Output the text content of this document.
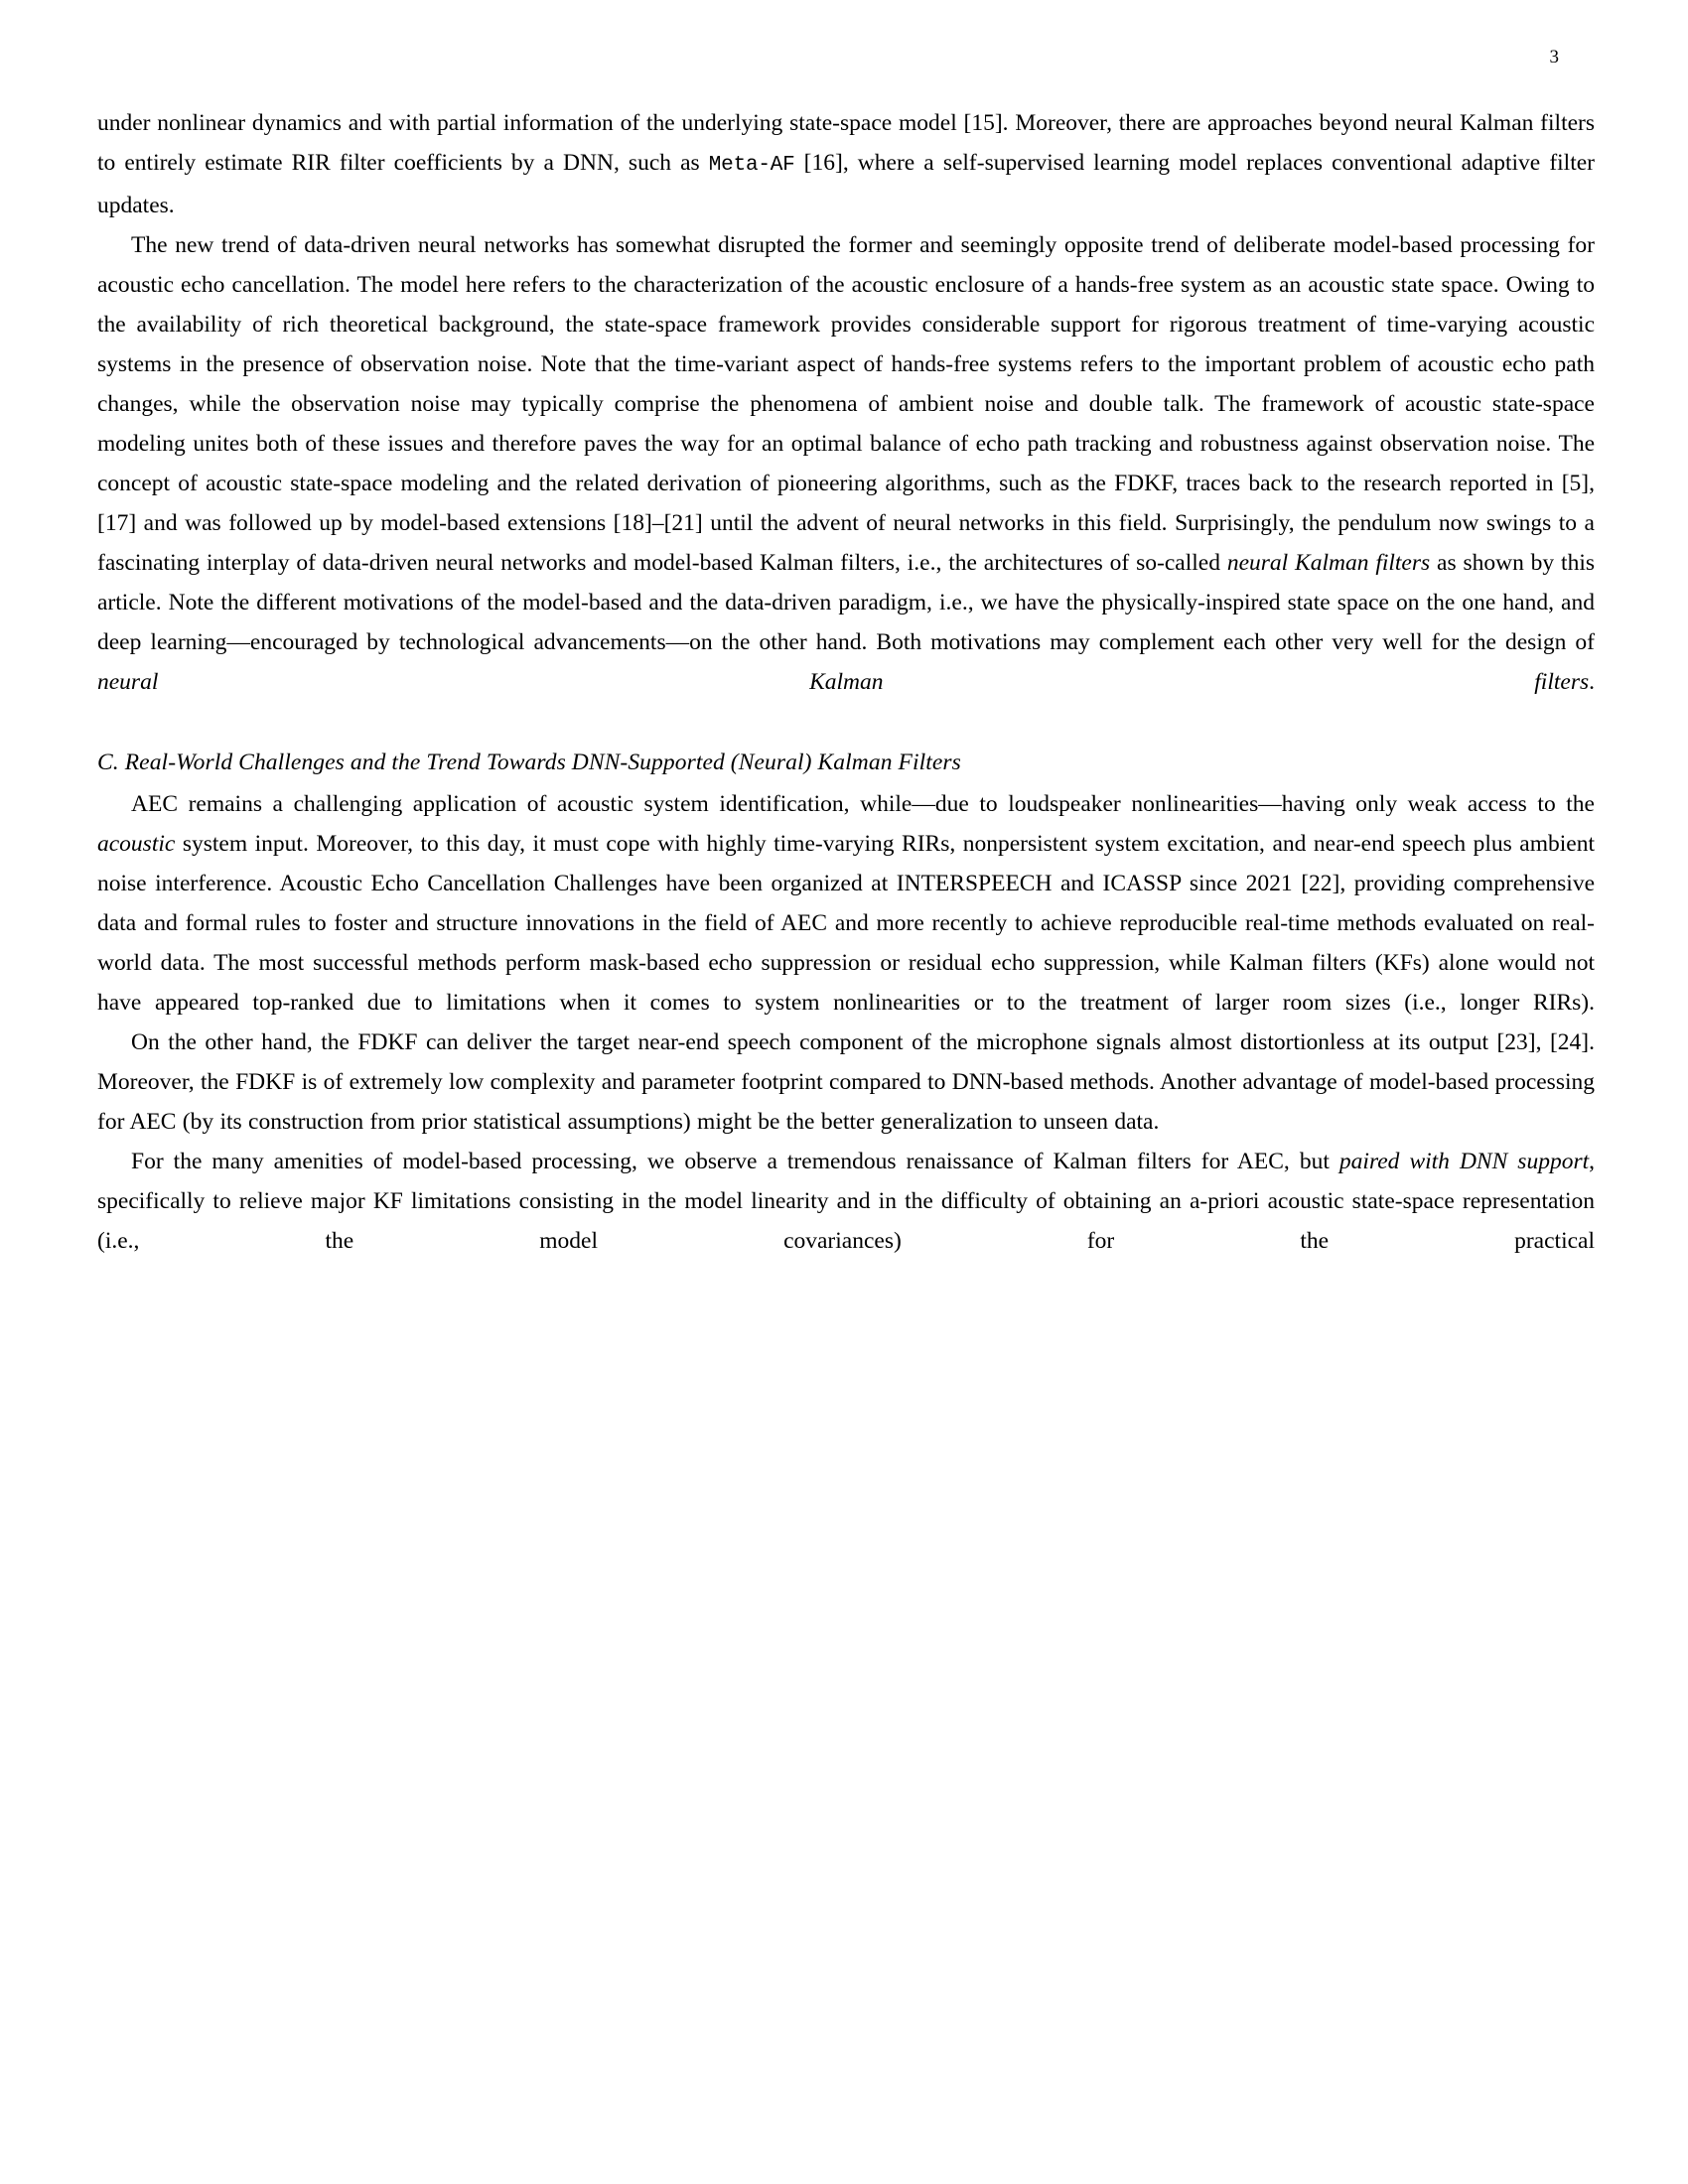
3

under nonlinear dynamics and with partial information of the underlying state-space model [15]. Moreover, there are approaches beyond neural Kalman filters to entirely estimate RIR filter coefficients by a DNN, such as Meta-AF [16], where a self-supervised learning model replaces conventional adaptive filter updates.

The new trend of data-driven neural networks has somewhat disrupted the former and seemingly opposite trend of deliberate model-based processing for acoustic echo cancellation. The model here refers to the characterization of the acoustic enclosure of a hands-free system as an acoustic state space. Owing to the availability of rich theoretical background, the state-space framework provides considerable support for rigorous treatment of time-varying acoustic systems in the presence of observation noise. Note that the time-variant aspect of hands-free systems refers to the important problem of acoustic echo path changes, while the observation noise may typically comprise the phenomena of ambient noise and double talk. The framework of acoustic state-space modeling unites both of these issues and therefore paves the way for an optimal balance of echo path tracking and robustness against observation noise. The concept of acoustic state-space modeling and the related derivation of pioneering algorithms, such as the FDKF, traces back to the research reported in [5], [17] and was followed up by model-based extensions [18]–[21] until the advent of neural networks in this field. Surprisingly, the pendulum now swings to a fascinating interplay of data-driven neural networks and model-based Kalman filters, i.e., the architectures of so-called neural Kalman filters as shown by this article. Note the different motivations of the model-based and the data-driven paradigm, i.e., we have the physically-inspired state space on the one hand, and deep learning—encouraged by technological advancements—on the other hand. Both motivations may complement each other very well for the design of neural Kalman filters.

C. Real-World Challenges and the Trend Towards DNN-Supported (Neural) Kalman Filters

AEC remains a challenging application of acoustic system identification, while—due to loudspeaker nonlinearities—having only weak access to the acoustic system input. Moreover, to this day, it must cope with highly time-varying RIRs, nonpersistent system excitation, and near-end speech plus ambient noise interference. Acoustic Echo Cancellation Challenges have been organized at INTERSPEECH and ICASSP since 2021 [22], providing comprehensive data and formal rules to foster and structure innovations in the field of AEC and more recently to achieve reproducible real-time methods evaluated on real-world data. The most successful methods perform mask-based echo suppression or residual echo suppression, while Kalman filters (KFs) alone would not have appeared top-ranked due to limitations when it comes to system nonlinearities or to the treatment of larger room sizes (i.e., longer RIRs).

On the other hand, the FDKF can deliver the target near-end speech component of the microphone signals almost distortionless at its output [23], [24]. Moreover, the FDKF is of extremely low complexity and parameter footprint compared to DNN-based methods. Another advantage of model-based processing for AEC (by its construction from prior statistical assumptions) might be the better generalization to unseen data.

For the many amenities of model-based processing, we observe a tremendous renaissance of Kalman filters for AEC, but paired with DNN support, specifically to relieve major KF limitations consisting in the model linearity and in the difficulty of obtaining an a-priori acoustic state-space representation (i.e., the model covariances) for the practical
